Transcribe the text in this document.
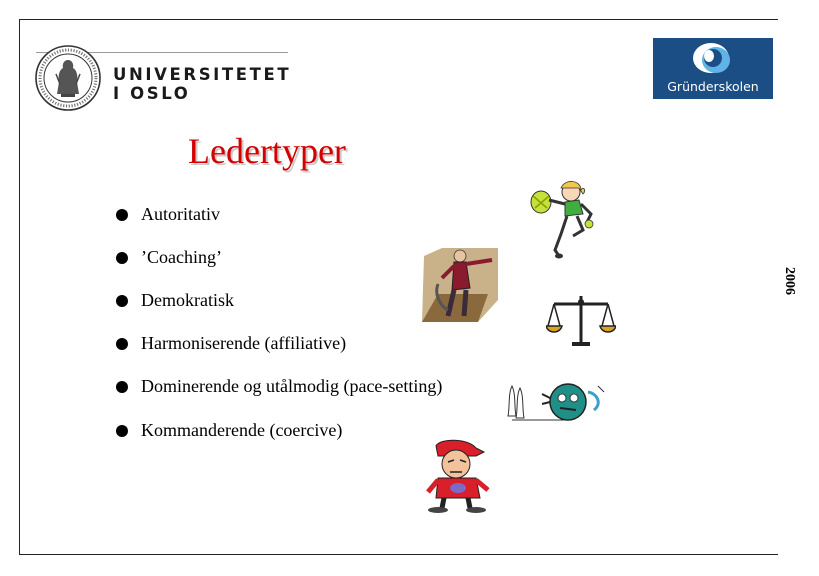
2006
UNIVERSITETET
I OSLO	Gründerskolen
Ledertyper
Autoritativ
’Coaching’
Demokratisk
Harmoniserende (affiliative)
Dominerende og utålmodig (pace-setting)
Kommanderende (coercive)
